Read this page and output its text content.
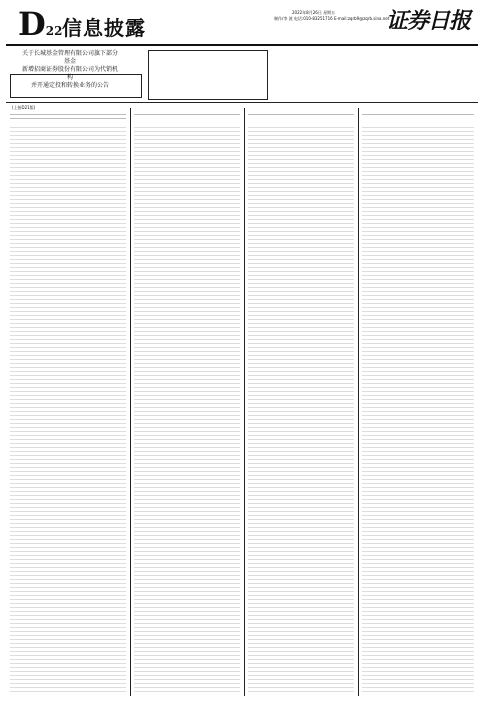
D22 信息披露
2022年8月26日 星期五
制作/李 波 电话:010-83251716 E-mail:zqrb9@zqrb.sina.net
证券日报
关于长城基金管理有限公司旗下部分基金
新增招商证券股份有限公司为代销机构
并开通定投和转换业务的公告
(上接D21版)
